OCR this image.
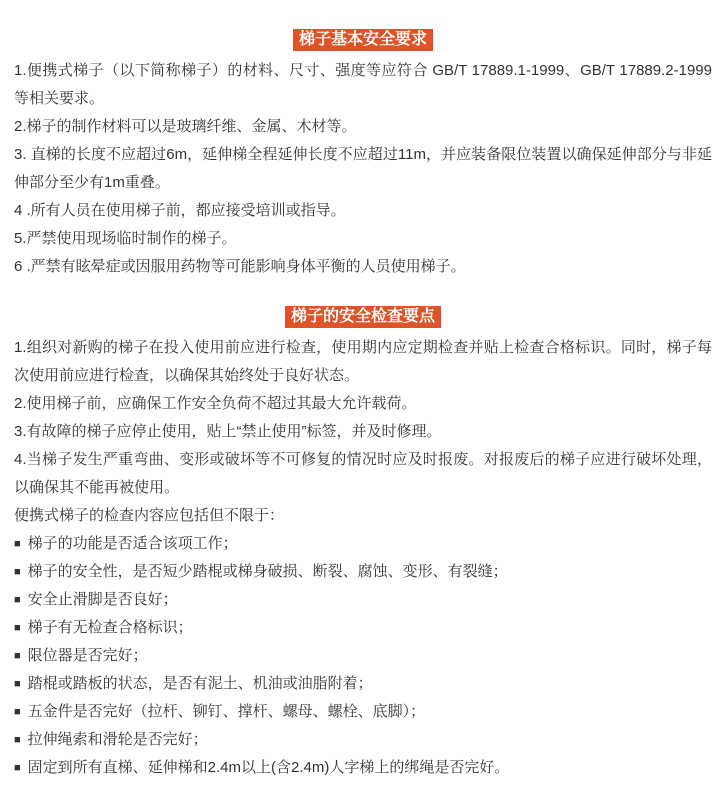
梯子基本安全要求

1.便携式梯子（以下简称梯子）的材料、尺寸、强度等应符合 GB/T 17889.1-1999、GB/T 17889.2-1999 等相关要求。

2.梯子的制作材料可以是玻璃纤维、金属、木材等。

3. 直梯的长度不应超过6m，延伸梯全程延伸长度不应超过11m，并应装备限位装置以确保延伸部分与非延伸部分至少有1m重叠。

4 .所有人员在使用梯子前，都应接受培训或指导。

5.严禁使用现场临时制作的梯子。

6 .严禁有眩晕症或因服用药物等可能影响身体平衡的人员使用梯子。

梯子的安全检查要点

1.组织对新购的梯子在投入使用前应进行检查，使用期内应定期检查并贴上检查合格标识。同时，梯子每次使用前应进行检查，以确保其始终处于良好状态。

2.使用梯子前，应确保工作安全负荷不超过其最大允许载荷。

3.有故障的梯子应停止使用，贴上“禁止使用”标签，并及时修理。

4.当梯子发生严重弯曲、变形或破坏等不可修复的情况时应及时报废。对报废后的梯子应进行破坏处理，以确保其不能再被使用。

便携式梯子的检查内容应包括但不限于：

■ 梯子的功能是否适合该项工作；

■ 梯子的安全性，是否短少踏棍或梯身破损、断裂、腐蚀、变形、有裂缝；

■ 安全止滑脚是否良好；

■ 梯子有无检查合格标识；

■ 限位器是否完好；

■ 踏棍或踏板的状态，是否有泥土、机油或油脂附着；

■ 五金件是否完好（拉杆、铆钉、撑杆、螺母、螺栓、底脚）；

■ 拉伸绳索和滑轮是否完好；

■ 固定到所有直梯、延伸梯和2.4m以上(含2.4m)人字梯上的绑绳是否完好。
